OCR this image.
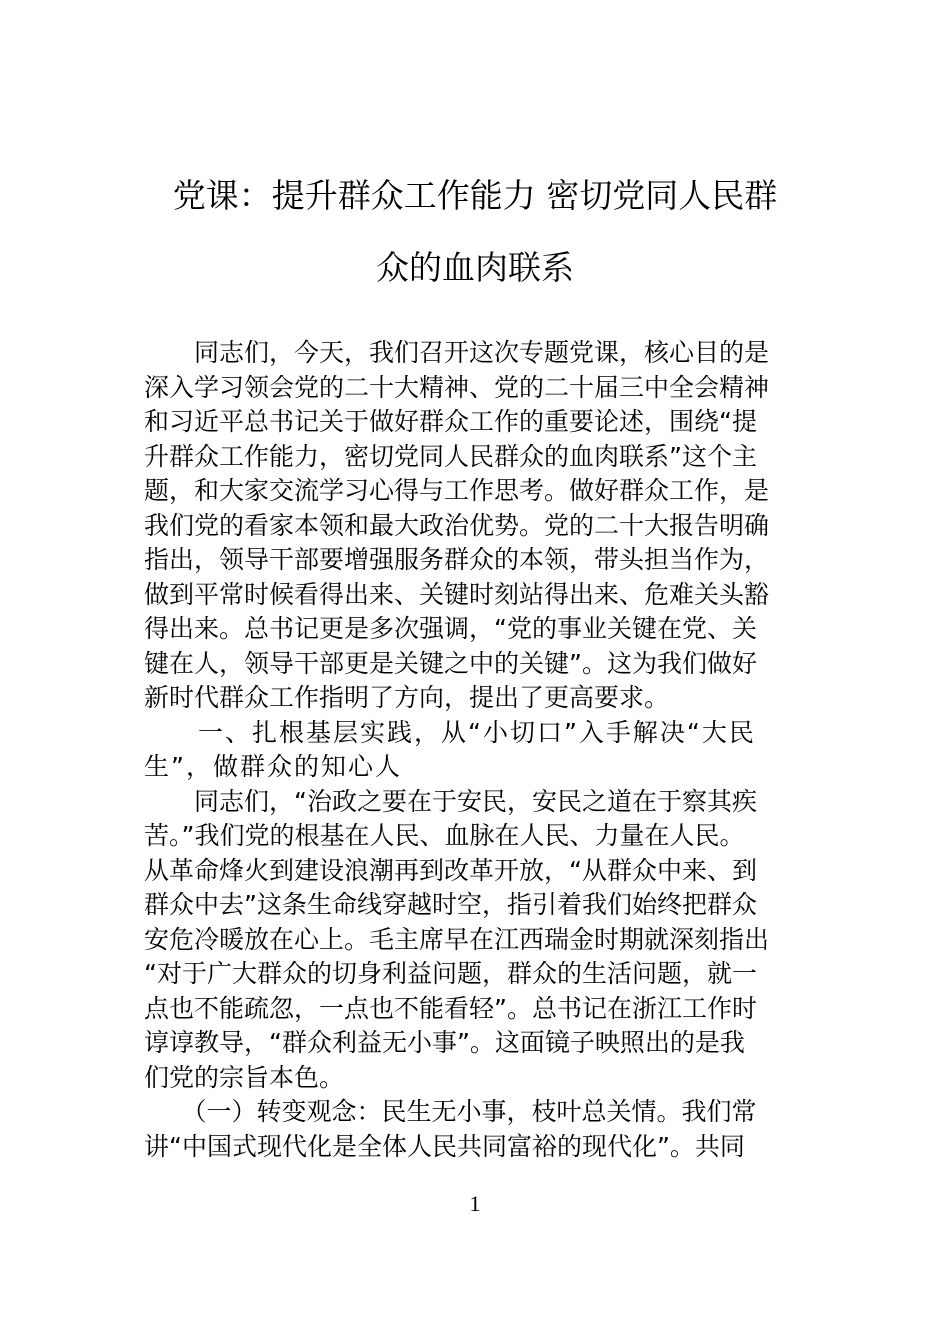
党课：提升群众工作能力 密切党同人民群
众的血肉联系
　　同志们，今天，我们召开这次专题党课，核心目的是
深入学习领会党的二十大精神、党的二十届三中全会精神
和习近平总书记关于做好群众工作的重要论述，围绕“提
升群众工作能力，密切党同人民群众的血肉联系”这个主
题，和大家交流学习心得与工作思考。做好群众工作，是
我们党的看家本领和最大政治优势。党的二十大报告明确
指出，领导干部要增强服务群众的本领，带头担当作为，
做到平常时候看得出来、关键时刻站得出来、危难关头豁
得出来。总书记更是多次强调，“党的事业关键在党、关
键在人，领导干部更是关键之中的关键”。这为我们做好
新时代群众工作指明了方向，提出了更高要求。
　　一、扎根基层实践，从“小切口”入手解决“大民
生”，做群众的知心人
　　同志们，“治政之要在于安民，安民之道在于察其疾
苦。”我们党的根基在人民、血脉在人民、力量在人民。
从革命烽火到建设浪潮再到改革开放，“从群众中来、到
群众中去”这条生命线穿越时空，指引着我们始终把群众
安危冷暖放在心上。毛主席早在江西瑞金时期就深刻指出
“对于广大群众的切身利益问题，群众的生活问题，就一
点也不能疏忽，一点也不能看轻”。总书记在浙江工作时
谆谆教导，“群众利益无小事”。这面镜子映照出的是我
们党的宗旨本色。
　　（一）转变观念：民生无小事，枝叶总关情。我们常
讲“中国式现代化是全体人民共同富裕的现代化”。共同
1
